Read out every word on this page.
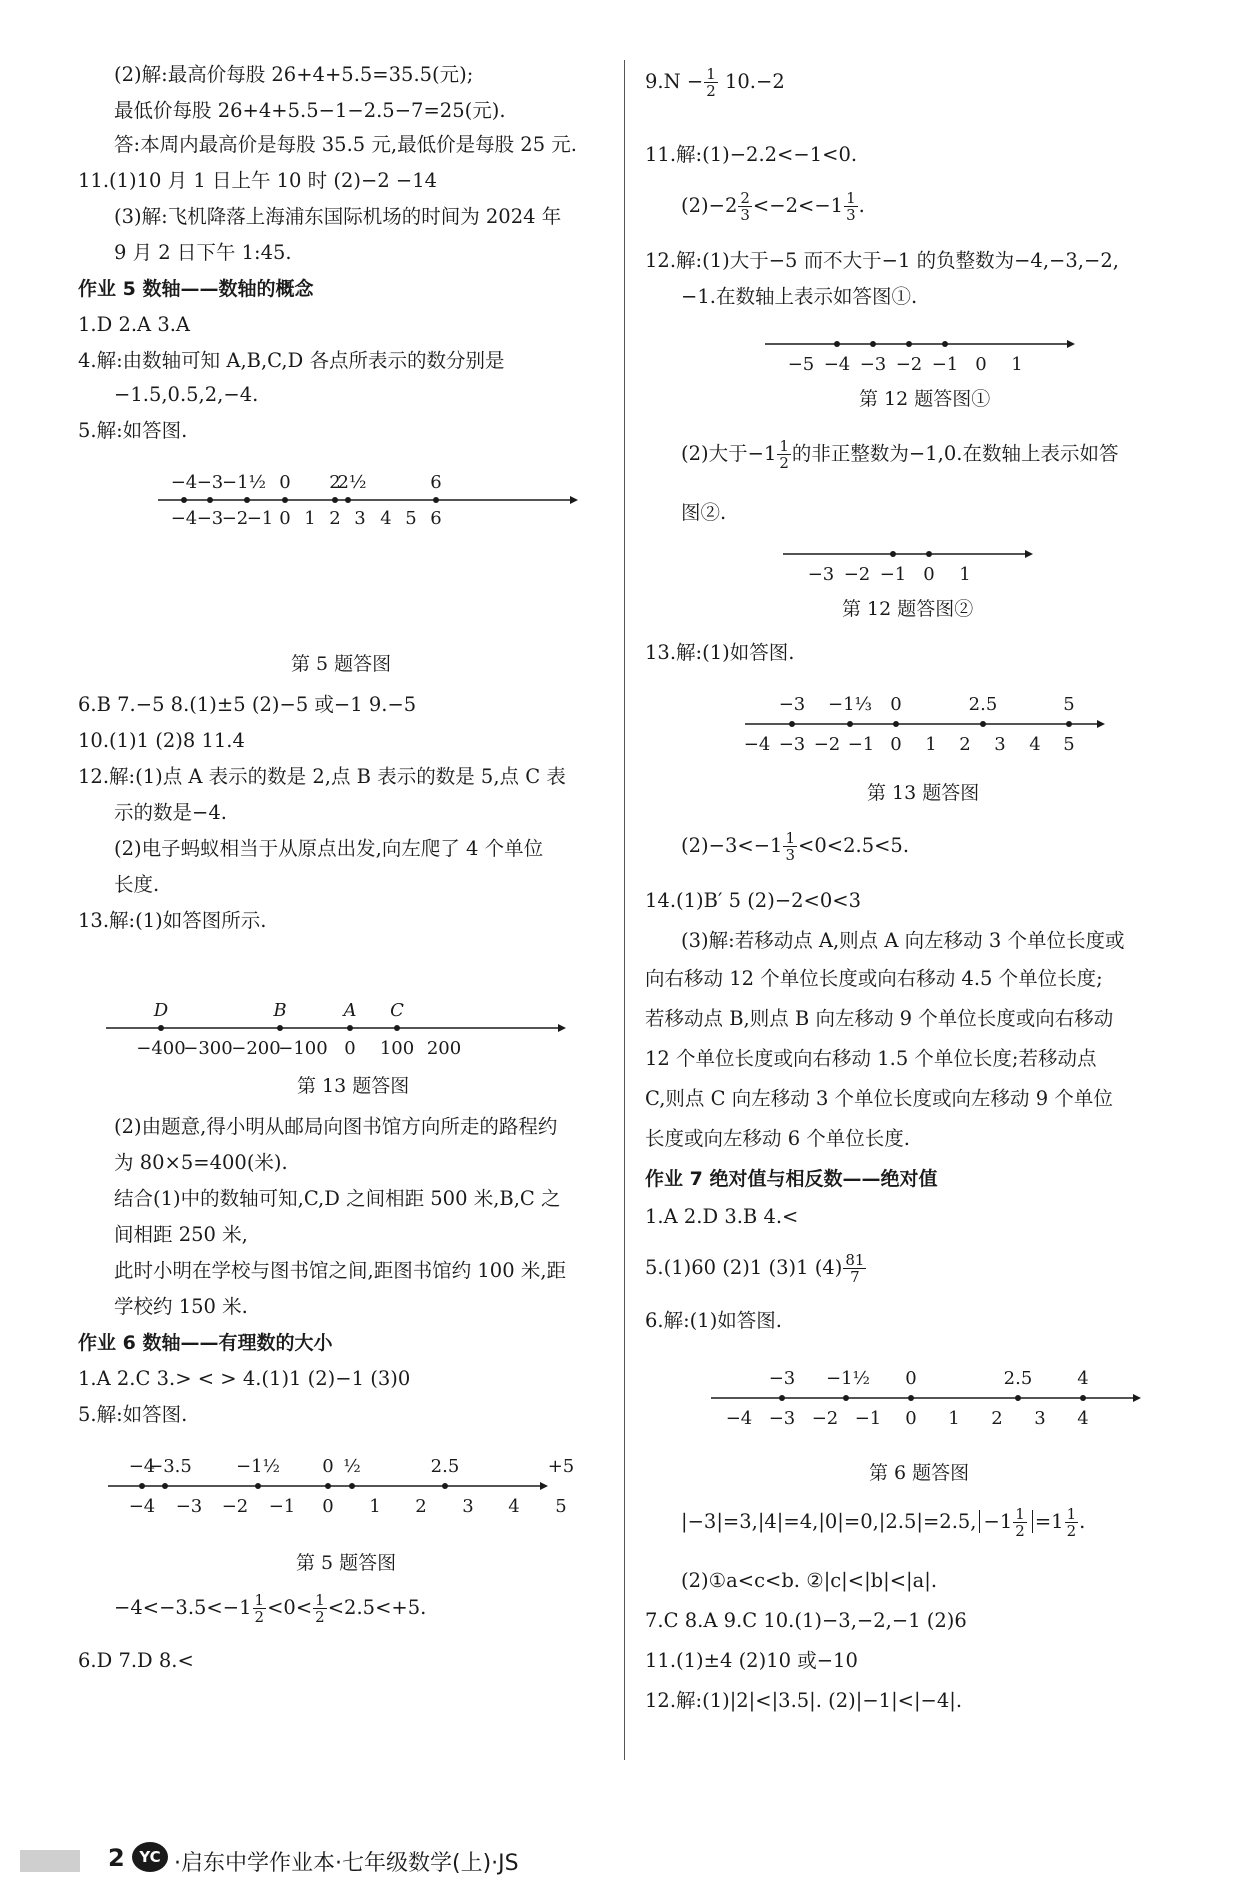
(2)解:最高价每股 26+4+5.5=35.5(元);
最低价每股 26+4+5.5−1−2.5−7=25(元).
答:本周内最高价是每股 35.5 元,最低价是每股 25 元.
11.(1)10 月 1 日上午 10 时 (2)−2 −14
(3)解:飞机降落上海浦东国际机场的时间为 2024 年
9 月 2 日下午 1:45.
作业 5 数轴——数轴的概念
1.D 2.A 3.A
4.解:由数轴可知 A,B,C,D 各点所表示的数分别是
−1.5,0.5,2,−4.
5.解:如答图.
−4 −3
−2
−1 0 1 2 3 4 5 6
−4 −3
−1½ 0 2
2½	6
第 5 题答图
6.B 7.−5 8.(1)±5 (2)−5 或−1 9.−5
10.(1)1 (2)8 11.4
12.解:(1)点 A 表示的数是 2,点 B 表示的数是 5,点 C 表
示的数是−4.
(2)电子蚂蚁相当于从原点出发,向左爬了 4 个单位
长度.
13.解:(1)如答图所示.
−400
−300
−200
−100 0 100 200
D	B	A C
第 13 题答图
(2)由题意,得小明从邮局向图书馆方向所走的路程约
为 80×5=400(米).
结合(1)中的数轴可知,C,D 之间相距 500 米,B,C 之
间相距 250 米,
此时小明在学校与图书馆之间,距图书馆约 100 米,距
学校约 150 米.
作业 6 数轴——有理数的大小
1.A 2.C 3.> < > 4.(1)1 (2)−1 (3)0
5.解:如答图.
−4 −3 −2 −1 0 1 2 3 4 5
−4
−3.5 −1½ 0 ½	2.5	+5
第 5 题答图
$-4<-3.5<-1 \frac{1}{2} <0< \frac{1}{2} <2.5<+5$.
6.D 7.D 8.<
$9.N - \frac{1}{2} 10.-2$
11.解:(1)−2.2<−1<0.
$(2)-2 \frac{2}{3} <-2<-1 \frac{1}{3}$ .
12.解:(1)大于−5 而不大于−1 的负整数为−4,−3,−2,
−1.在数轴上表示如答图①.
−5 −4 −3 −2 −1 0 1
第 12 题答图①
(2)大于$-1 \frac{1}{2}$ 的非正整数为−1,0.在数轴上表示如答
图②.
−3 −2 −1 0 1
第 12 题答图②
13.解:(1)如答图.
−4 −3 −2 −1 0 1 2 3 4 5
−3 −1⅓ 0	2.5	5
第 13 题答图
$(2)-3<-1 \frac{1}{3} <0<2.5<5$.
14.(1)B′ 5 (2)−2<0<3
(3)解:若移动点 A,则点 A 向左移动 3 个单位长度或
向右移动 12 个单位长度或向右移动 4.5 个单位长度;
若移动点 B,则点 B 向左移动 9 个单位长度或向右移动
12 个单位长度或向右移动 1.5 个单位长度;若移动点
C,则点 C 向左移动 3 个单位长度或向左移动 9 个单位
长度或向左移动 6 个单位长度.
作业 7 绝对值与相反数——绝对值
1.A 2.D 3.B 4.<
5.(1)60 (2)1 (3)1 $(4) \frac{81}{7}$
6.解:(1)如答图.
−4 −3 −2 −1 0 1 2 3 4
−3 −1½ 0	2.5 4
第 6 题答图
|−3|=3,|4|=4,|0|=0,|2.5|=2.5, $-1 \frac{1}{2} =1 \frac{1}{2}$ .
(2)①a<c<b. ②|c|<|b|<|a|.
7.C 8.A 9.C 10.(1)−3,−2,−1 (2)6
11.(1)±4 (2)10 或−10
12.解:(1)|2|<|3.5|. (2)|−1|<|−4|.
2 YC ·启东中学作业本·七年级数学(上)·JS
